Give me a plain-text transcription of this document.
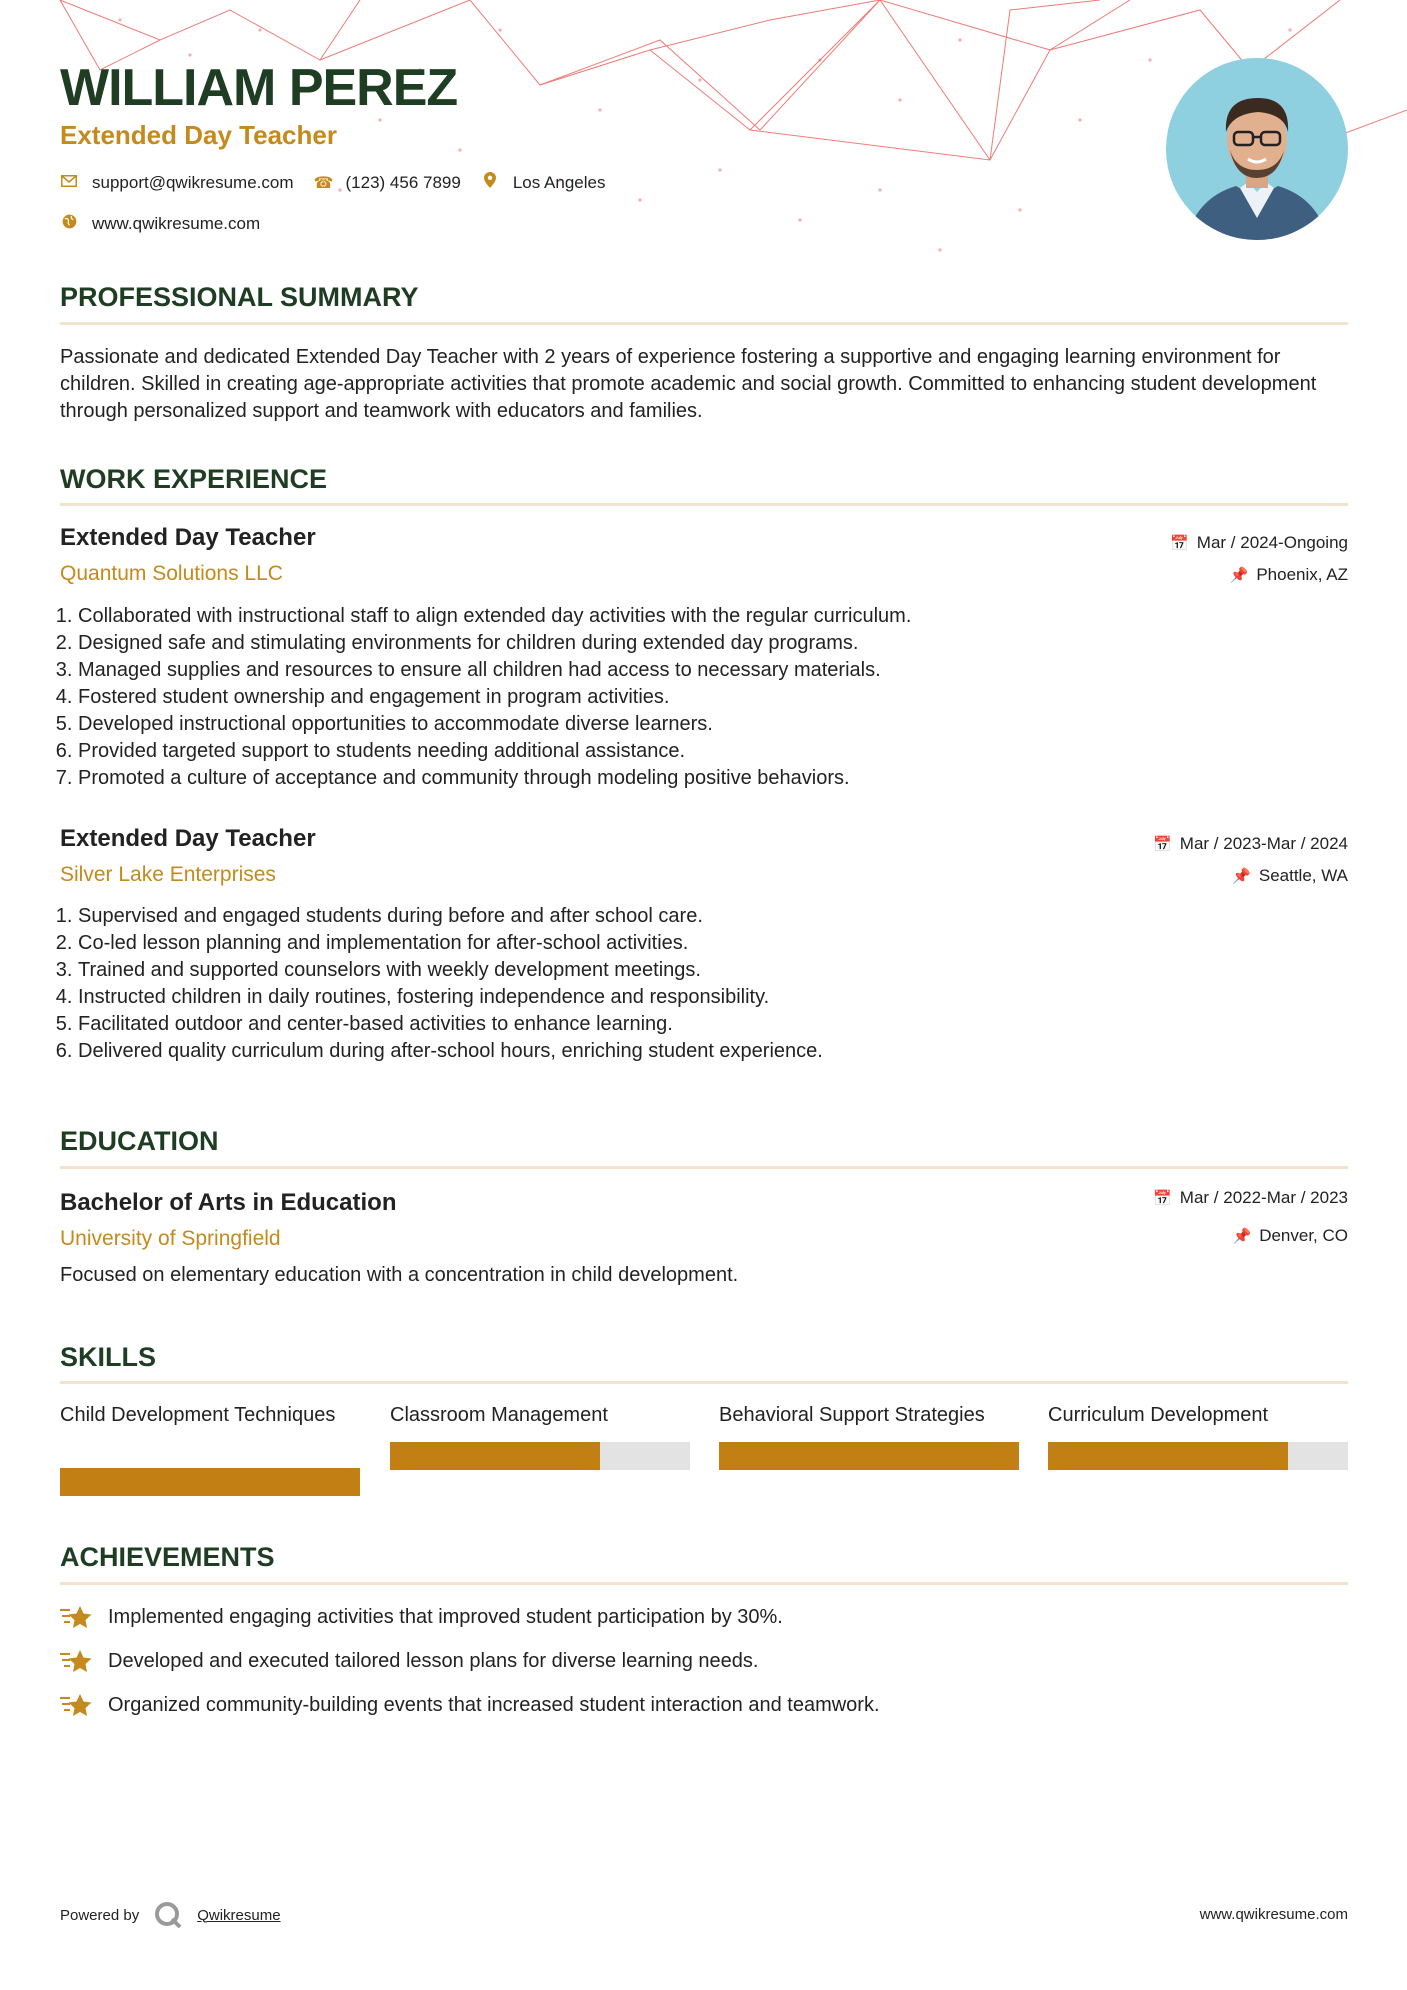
WILLIAM PEREZ
Extended Day Teacher
support@qwikresume.com ☎ (123) 456 7899	Los Angeles
www.qwikresume.com
PROFESSIONAL SUMMARY

Passionate and dedicated Extended Day Teacher with 2 years of experience fostering a supportive and engaging learning environment for children. Skilled in creating age-appropriate activities that promote academic and social growth. Committed to enhancing student development through personalized support and teamwork with educators and families.

WORK EXPERIENCE
Extended Day Teacher
Quantum Solutions LLC
📅 Mar / 2024-Ongoing
📌 Phoenix, AZ
1. Collaborated with instructional staff to align extended day activities with the regular curriculum.
2. Designed safe and stimulating environments for children during extended day programs.
3. Managed supplies and resources to ensure all children had access to necessary materials.
4. Fostered student ownership and engagement in program activities.
5. Developed instructional opportunities to accommodate diverse learners.
6. Provided targeted support to students needing additional assistance.
7. Promoted a culture of acceptance and community through modeling positive behaviors.
Extended Day Teacher
Silver Lake Enterprises
📅 Mar / 2023-Mar / 2024
📌 Seattle, WA
1. Supervised and engaged students during before and after school care.
2. Co-led lesson planning and implementation for after-school activities.
3. Trained and supported counselors with weekly development meetings.
4. Instructed children in daily routines, fostering independence and responsibility.
5. Facilitated outdoor and center-based activities to enhance learning.
6. Delivered quality curriculum during after-school hours, enriching student experience.
EDUCATION
Bachelor of Arts in Education
University of Springfield
📅 Mar / 2022-Mar / 2023
📌 Denver, CO

Focused on elementary education with a concentration in child development.

SKILLS
Child Development Techniques	Classroom Management	Behavioral Support Strategies	Curriculum Development
ACHIEVEMENTS
Implemented engaging activities that improved student participation by 30%.
Developed and executed tailored lesson plans for diverse learning needs.
Organized community-building events that increased student interaction and teamwork.
Powered by	Qwikresume	www.qwikresume.com
